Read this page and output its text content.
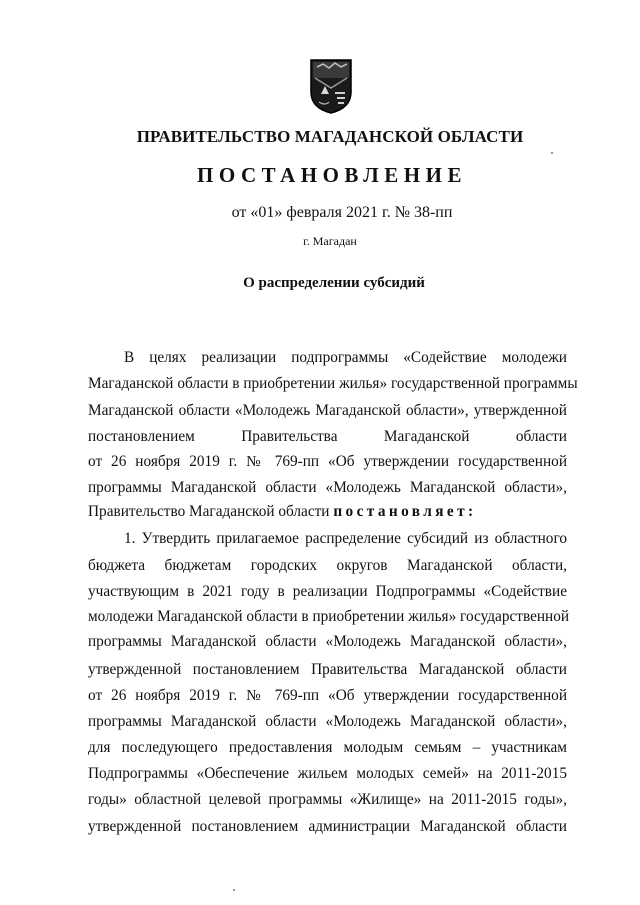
ПРАВИТЕЛЬСТВО МАГАДАНСКОЙ ОБЛАСТИ
ПОСТАНОВЛЕНИЕ
от «01» февраля 2021 г. № 38-пп
г. Магадан
О распределении субсидий
В целях реализации подпрограммы «Содействие молодежи
Магаданской области в приобретении жилья» государственной программы
Магаданской области «Молодежь Магаданской области», утвержденной
постановлением Правительства Магаданской области
от 26 ноября 2019 г. № 769-пп «Об утверждении государственной
программы Магаданской области «Молодежь Магаданской области»,
Правительство Магаданской области постановляет:
1. Утвердить прилагаемое распределение субсидий из областного
бюджета бюджетам городских округов Магаданской области,
участвующим в 2021 году в реализации Подпрограммы «Содействие
молодежи Магаданской области в приобретении жилья» государственной
программы Магаданской области «Молодежь Магаданской области»,
утвержденной постановлением Правительства Магаданской области
от 26 ноября 2019 г. № 769-пп «Об утверждении государственной
программы Магаданской области «Молодежь Магаданской области»,
для последующего предоставления молодым семьям – участникам
Подпрограммы «Обеспечение жильем молодых семей» на 2011-2015
годы» областной целевой программы «Жилище» на 2011-2015 годы»,
утвержденной постановлением администрации Магаданской области
